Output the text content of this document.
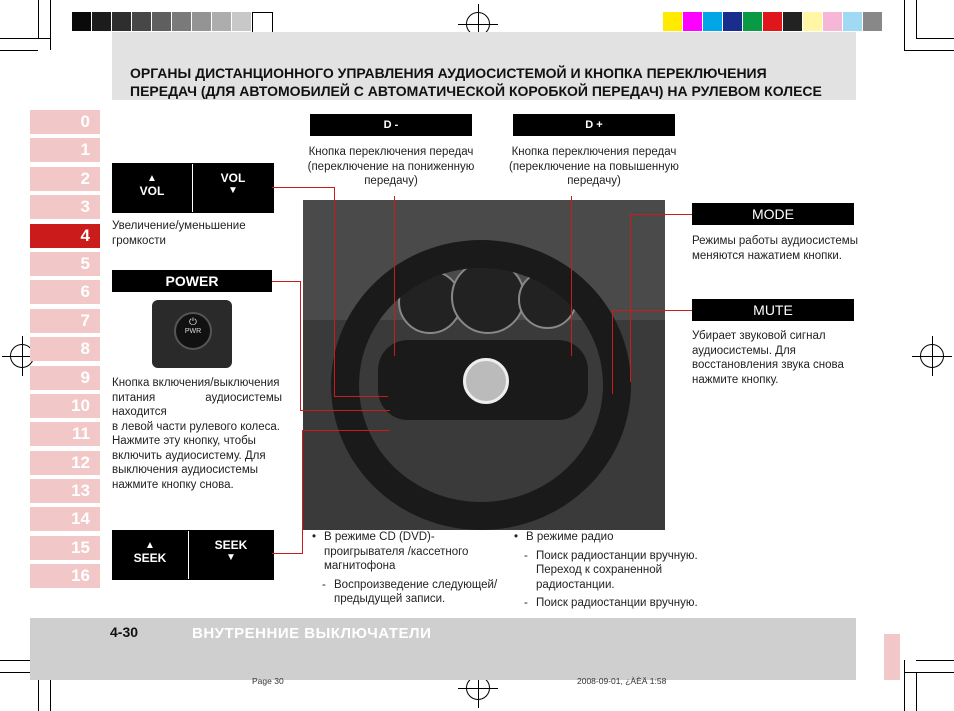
ОРГАНЫ ДИСТАНЦИОННОГО УПРАВЛЕНИЯ АУДИОСИСТЕМОЙ И КНОПКА ПЕРЕКЛЮЧЕНИЯ
ПЕРЕДАЧ (ДЛЯ АВТОМОБИЛЕЙ С АВТОМАТИЧЕСКОЙ КОРОБКОЙ ПЕРЕДАЧ) НА РУЛЕВОМ КОЛЕСЕ
0
1
2
3
4
5
6
7
8
9
10
11
12
13
14
15
16
▲
VOL
VOL
▼
Увеличение/уменьшение
громкости
POWER
⏻
PWR
Кнопка включения/выключения
питания аудиосистемы находится
в левой части рулевого колеса.
Нажмите эту кнопку, чтобы
включить аудиосистему. Для
выключения аудиосистемы
нажмите кнопку снова.
▲
SEEK
SEEK
▼
D -
Кнопка переключения передач
(переключение на пониженную
передачу)
D +
Кнопка переключения передач
(переключение на повышенную
передачу)
MODE
Режимы работы аудиосистемы
меняются нажатием кнопки.
MUTE
Убирает звуковой сигнал
аудиосистемы. Для
восстановления звука снова
нажмите кнопку.
• В режиме CD (DVD)-
проигрывателя /кассетного
магнитофона
- Воспроизведение следующей/
предыдущей записи.
• В режиме радио
- Поиск радиостанции вручную.
Переход к сохраненной
радиостанции.
- Поиск радиостанции вручную.
4-30	ВНУТРЕННИЕ ВЫКЛЮЧАТЕЛИ
Page 30	2008-09-01, ¿ÀÈÄ 1:58
